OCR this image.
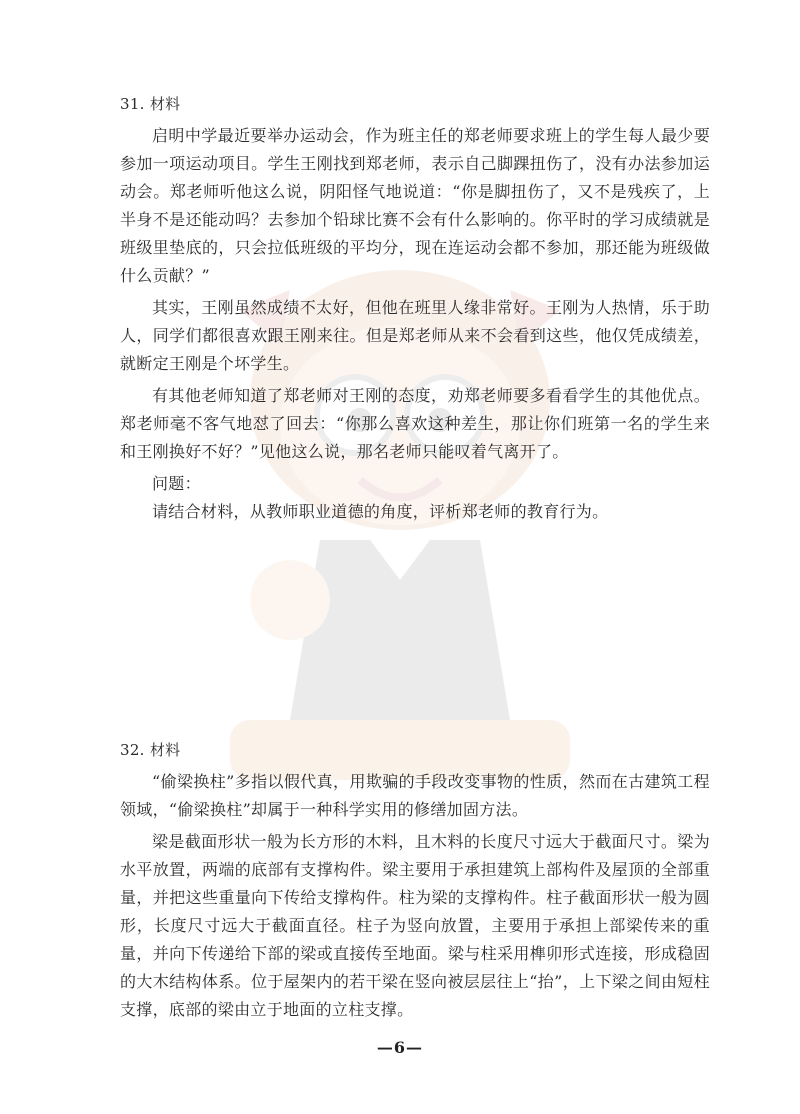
31. 材料

启明中学最近要举办运动会，作为班主任的郑老师要求班上的学生每人最少要参加一项运动项目。学生王刚找到郑老师，表示自己脚踝扭伤了，没有办法参加运动会。郑老师听他这么说，阴阳怪气地说道：“你是脚扭伤了，又不是残疾了，上半身不是还能动吗？去参加个铅球比赛不会有什么影响的。你平时的学习成绩就是班级里垫底的，只会拉低班级的平均分，现在连运动会都不参加，那还能为班级做什么贡献？”

其实，王刚虽然成绩不太好，但他在班里人缘非常好。王刚为人热情，乐于助人，同学们都很喜欢跟王刚来往。但是郑老师从来不会看到这些，他仅凭成绩差，就断定王刚是个坏学生。

有其他老师知道了郑老师对王刚的态度，劝郑老师要多看看学生的其他优点。郑老师毫不客气地怼了回去：“你那么喜欢这种差生，那让你们班第一名的学生来和王刚换好不好？”见他这么说，那名老师只能叹着气离开了。

问题：

请结合材料，从教师职业道德的角度，评析郑老师的教育行为。

32. 材料

“偷梁换柱”多指以假代真，用欺骗的手段改变事物的性质，然而在古建筑工程领域，“偷梁换柱”却属于一种科学实用的修缮加固方法。

梁是截面形状一般为长方形的木料，且木料的长度尺寸远大于截面尺寸。梁为水平放置，两端的底部有支撑构件。梁主要用于承担建筑上部构件及屋顶的全部重量，并把这些重量向下传给支撑构件。柱为梁的支撑构件。柱子截面形状一般为圆形，长度尺寸远大于截面直径。柱子为竖向放置，主要用于承担上部梁传来的重量，并向下传递给下部的梁或直接传至地面。梁与柱采用榫卯形式连接，形成稳固的大木结构体系。位于屋架内的若干梁在竖向被层层往上“抬”，上下梁之间由短柱支撑，底部的梁由立于地面的立柱支撑。

—6—
